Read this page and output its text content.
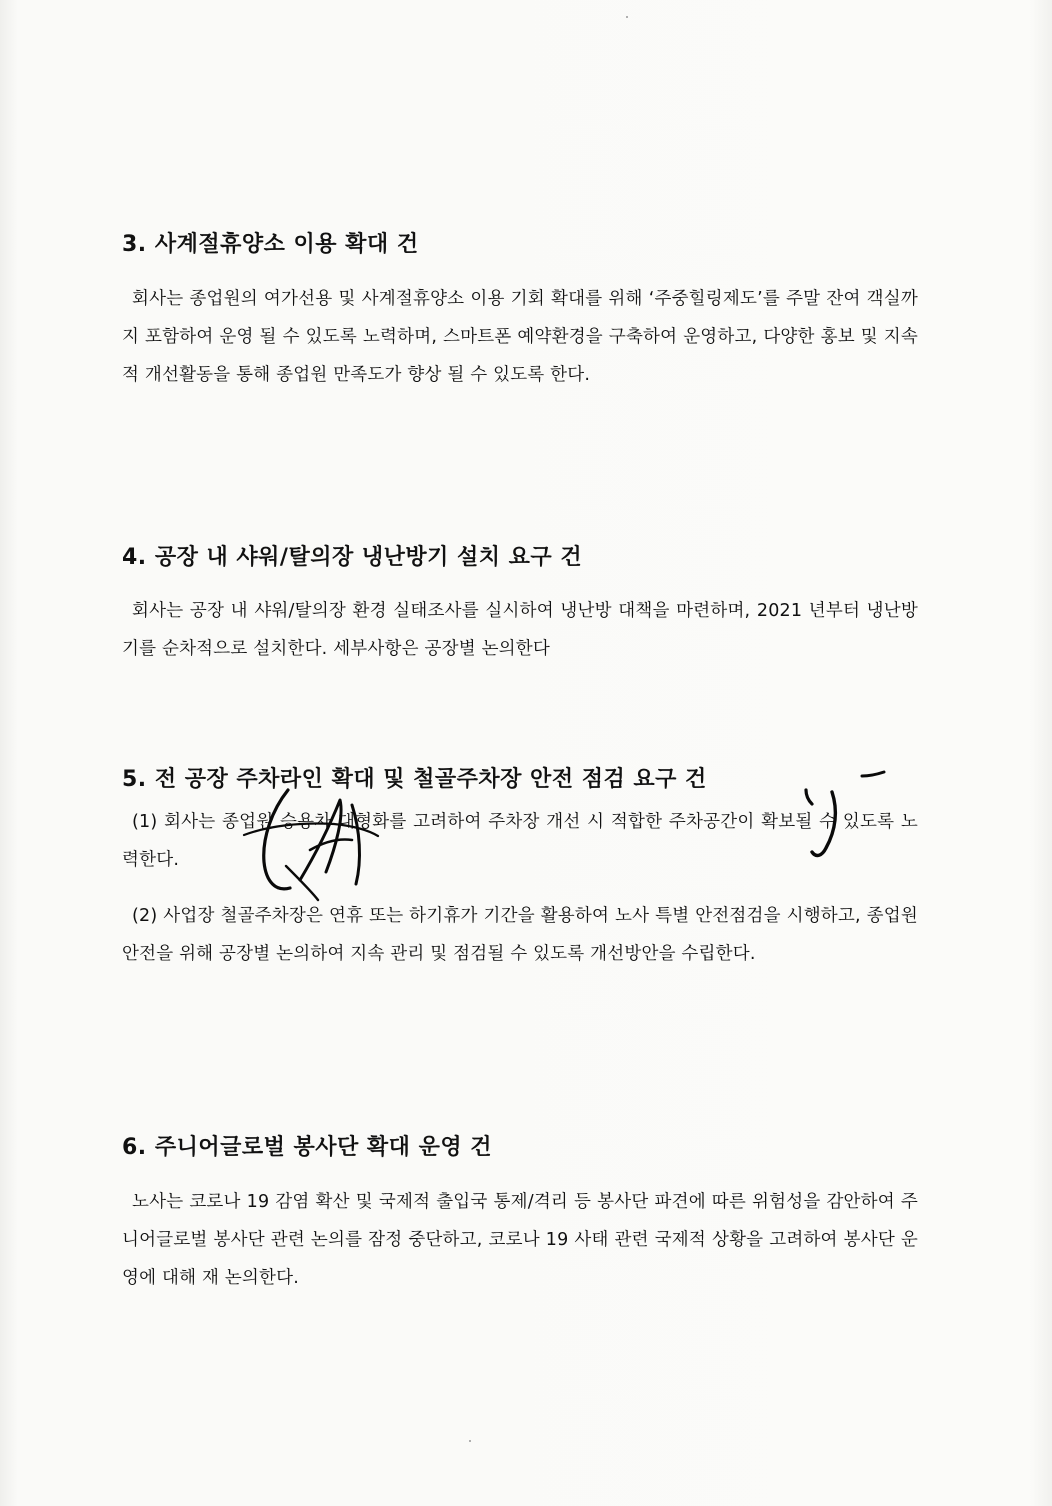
3. 사계절휴양소 이용 확대 건

회사는 종업원의 여가선용 및 사계절휴양소 이용 기회 확대를 위해 ‘주중힐링제도’를 주말 잔여 객실까지 포함하여 운영 될 수 있도록 노력하며, 스마트폰 예약환경을 구축하여 운영하고, 다양한 홍보 및 지속적 개선활동을 통해 종업원 만족도가 향상 될 수 있도록 한다.

4. 공장 내 샤워/탈의장 냉난방기 설치 요구 건

회사는 공장 내 샤워/탈의장 환경 실태조사를 실시하여 냉난방 대책을 마련하며, 2021 년부터 냉난방기를 순차적으로 설치한다. 세부사항은 공장별 논의한다

5. 전 공장 주차라인 확대 및 철골주차장 안전 점검 요구 건

(1) 회사는 종업원 승용차 대형화를 고려하여 주차장 개선 시 적합한 주차공간이 확보될 수 있도록 노력한다.

(2) 사업장 철골주차장은 연휴 또는 하기휴가 기간을 활용하여 노사 특별 안전점검을 시행하고, 종업원 안전을 위해 공장별 논의하여 지속 관리 및 점검될 수 있도록 개선방안을 수립한다.

6. 주니어글로벌 봉사단 확대 운영 건

노사는 코로나 19 감염 확산 및 국제적 출입국 통제/격리 등 봉사단 파견에 따른 위험성을 감안하여 주니어글로벌 봉사단 관련 논의를 잠정 중단하고, 코로나 19 사태 관련 국제적 상황을 고려하여 봉사단 운영에 대해 재 논의한다.
